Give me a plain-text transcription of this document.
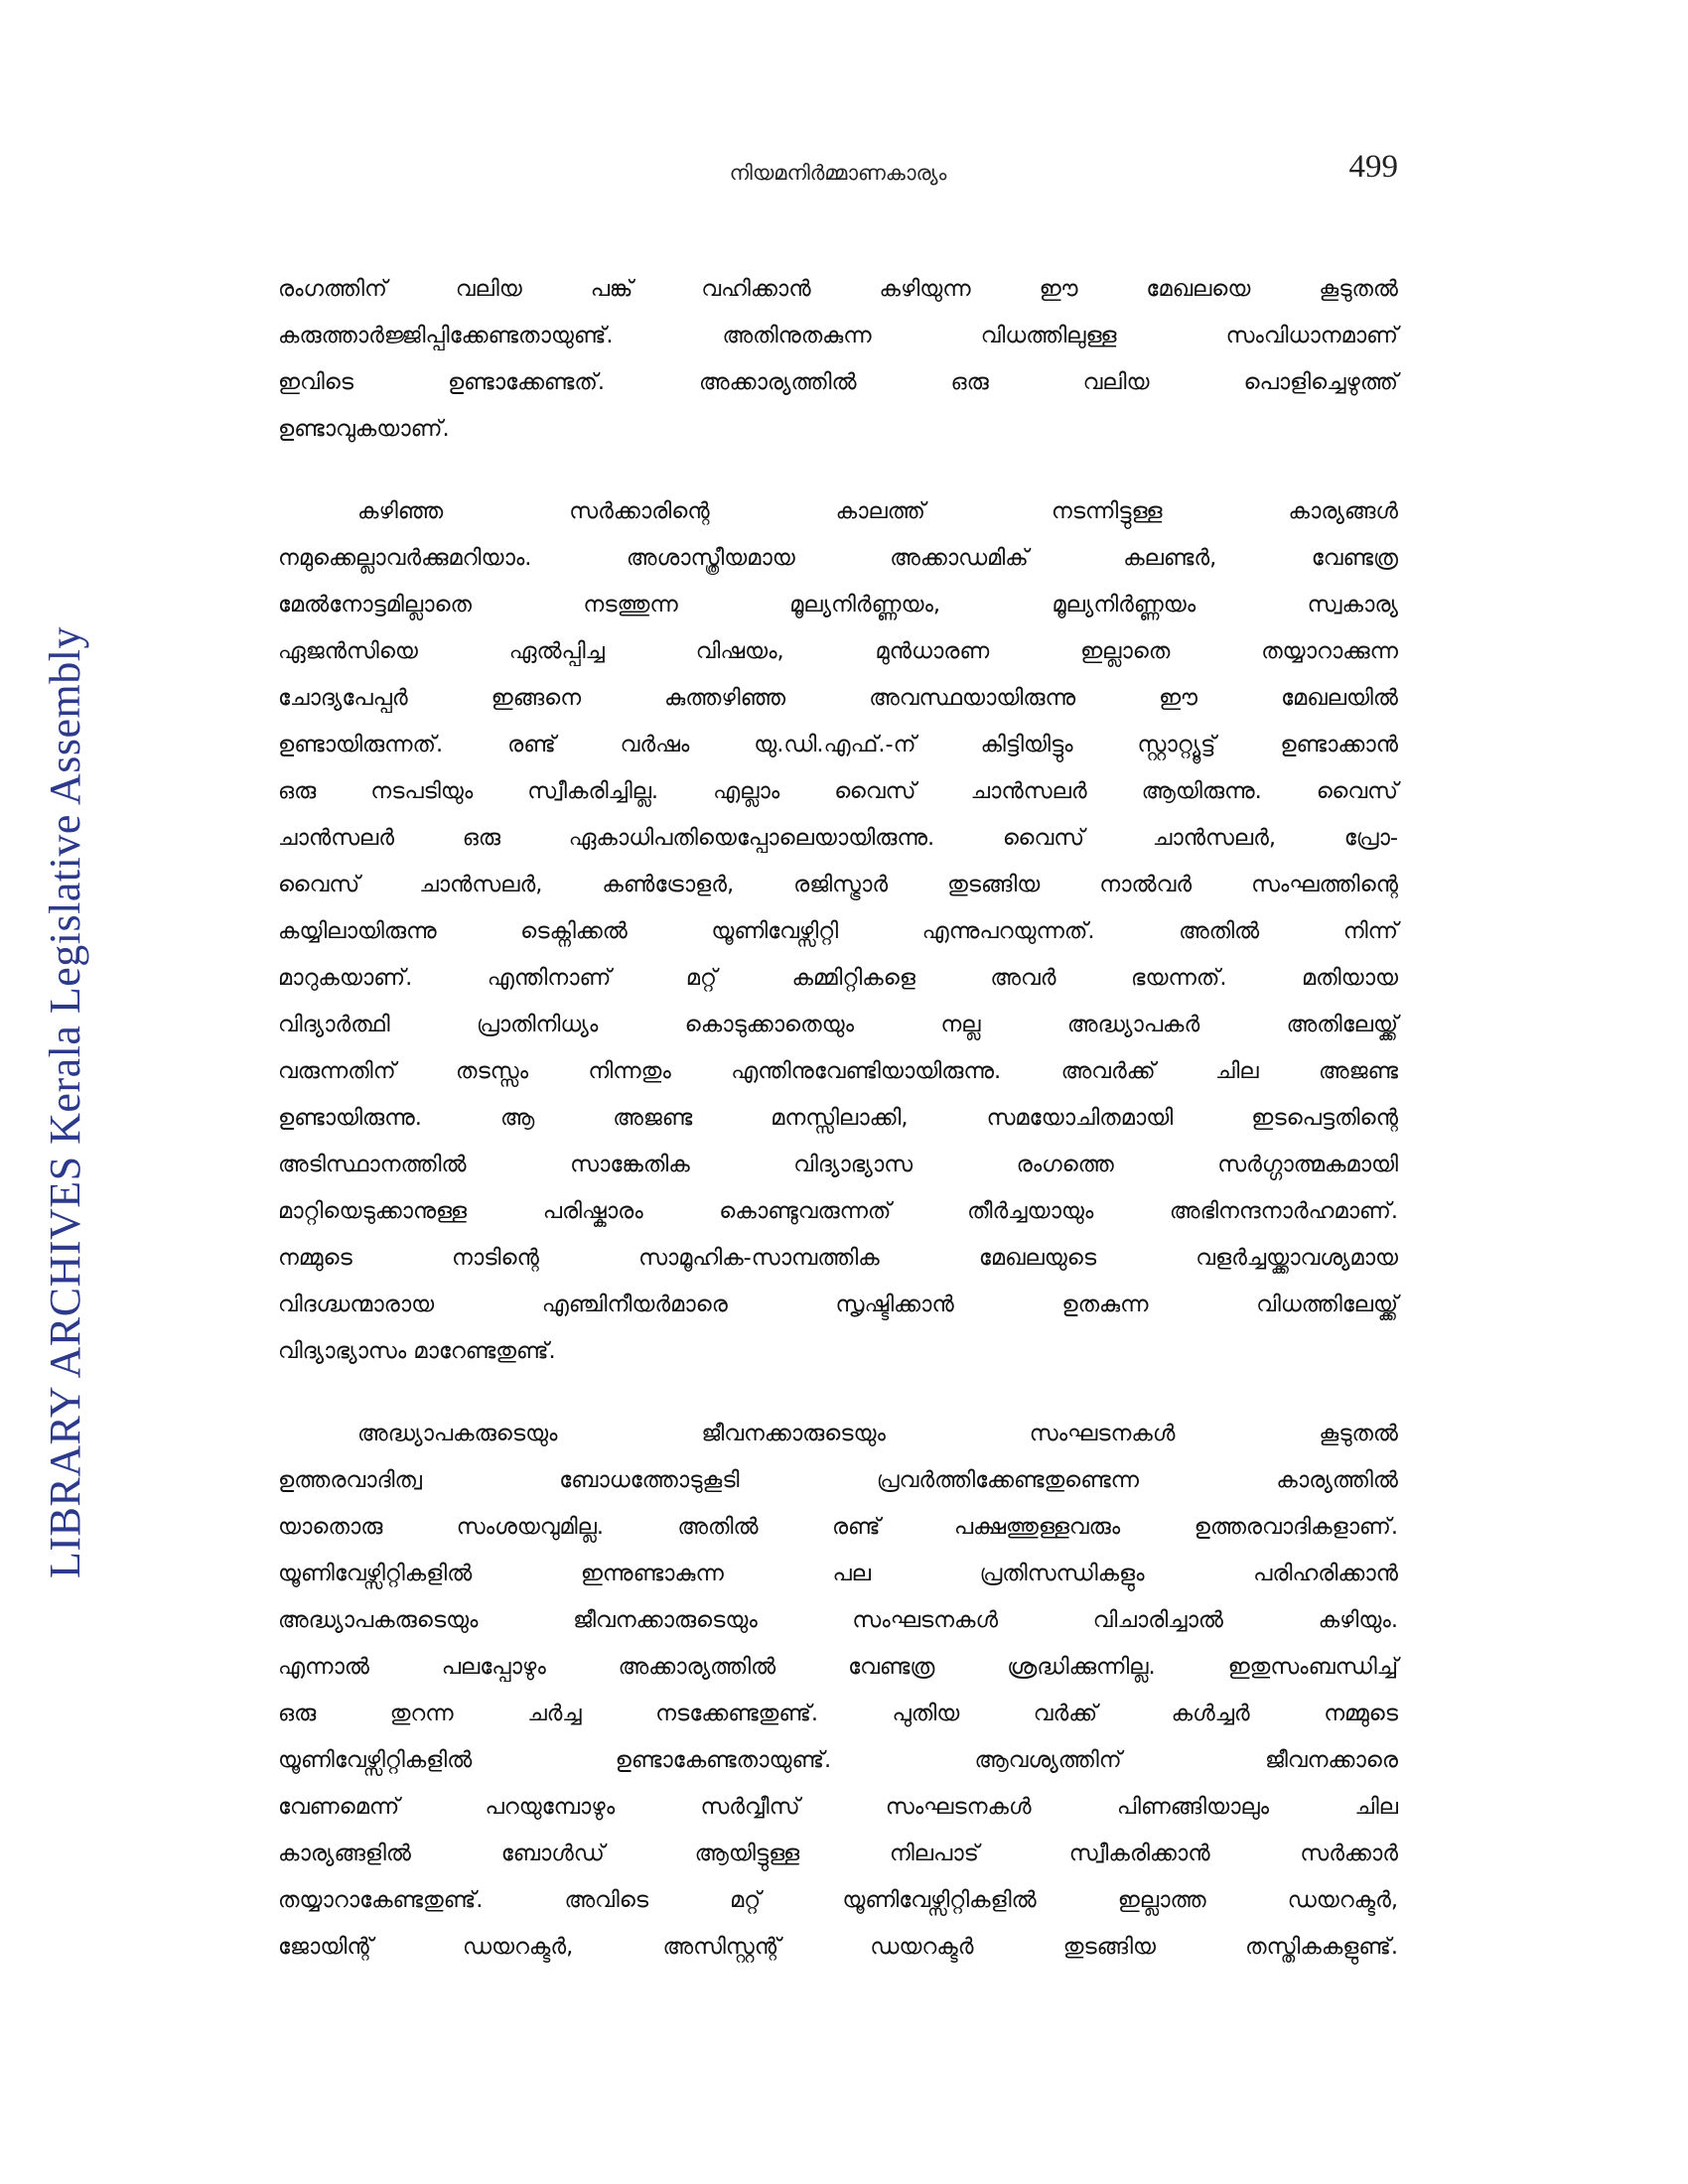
LIBRARY ARCHIVES Kerala Legislative Assembly
നിയമനിർമ്മാണകാര്യം	499
രംഗത്തിന് വലിയ പങ്ക് വഹിക്കാൻ കഴിയുന്ന ഈ മേഖലയെ കൂടുതൽ
കരുത്താർജ്ജിപ്പിക്കേണ്ടതായുണ്ട്. അതിനുതകുന്ന വിധത്തിലുള്ള സംവിധാനമാണ്
ഇവിടെ ഉണ്ടാക്കേണ്ടത്. അക്കാര്യത്തിൽ ഒരു വലിയ പൊളിച്ചെഴുത്ത്
ഉണ്ടാവുകയാണ്.
കഴിഞ്ഞ സർക്കാരിന്റെ കാലത്ത് നടന്നിട്ടുള്ള കാര്യങ്ങൾ
നമുക്കെല്ലാവർക്കുമറിയാം. അശാസ്ത്രീയമായ അക്കാഡമിക് കലണ്ടർ, വേണ്ടത്ര
മേൽനോട്ടമില്ലാതെ നടത്തുന്ന മൂല്യനിർണ്ണയം, മൂല്യനിർണ്ണയം സ്വകാര്യ
ഏജൻസിയെ ഏൽപ്പിച്ച വിഷയം, മുൻധാരണ ഇല്ലാതെ തയ്യാറാക്കുന്ന
ചോദ്യപേപ്പർ ഇങ്ങനെ കുത്തഴിഞ്ഞ അവസ്ഥയായിരുന്നു ഈ മേഖലയിൽ
ഉണ്ടായിരുന്നത്. രണ്ട് വർഷം യു.ഡി.എഫ്.-ന് കിട്ടിയിട്ടും സ്റ്റാറ്റ്യൂട്ട് ഉണ്ടാക്കാൻ
ഒരു നടപടിയും സ്വീകരിച്ചില്ല. എല്ലാം വൈസ് ചാൻസലർ ആയിരുന്നു. വൈസ്
ചാൻസലർ ഒരു ഏകാധിപതിയെപ്പോലെയായിരുന്നു. വൈസ് ചാൻസലർ, പ്രോ-
വൈസ് ചാൻസലർ, കൺട്രോളർ, രജിസ്ട്രാർ തുടങ്ങിയ നാൽവർ സംഘത്തിന്റെ
കയ്യിലായിരുന്നു ടെക്നിക്കൽ യൂണിവേഴ്സിറ്റി എന്നുപറയുന്നത്. അതിൽ നിന്ന്
മാറുകയാണ്. എന്തിനാണ് മറ്റ് കമ്മിറ്റികളെ അവർ ഭയന്നത്. മതിയായ
വിദ്യാർത്ഥി പ്രാതിനിധ്യം കൊടുക്കാതെയും നല്ല അദ്ധ്യാപകർ അതിലേയ്ക്ക്
വരുന്നതിന് തടസ്സം നിന്നതും എന്തിനുവേണ്ടിയായിരുന്നു. അവർക്ക് ചില അജണ്ട
ഉണ്ടായിരുന്നു. ആ അജണ്ട മനസ്സിലാക്കി, സമയോചിതമായി ഇടപെട്ടതിന്റെ
അടിസ്ഥാനത്തിൽ സാങ്കേതിക വിദ്യാഭ്യാസ രംഗത്തെ സർഗ്ഗാത്മകമായി
മാറ്റിയെടുക്കാനുള്ള പരിഷ്കാരം കൊണ്ടുവരുന്നത് തീർച്ചയായും അഭിനന്ദനാർഹമാണ്.
നമ്മുടെ നാടിന്റെ സാമൂഹിക-സാമ്പത്തിക മേഖലയുടെ വളർച്ചയ്ക്കാവശ്യമായ
വിദഗ്ദ്ധന്മാരായ എഞ്ചിനീയർമാരെ സൃഷ്ടിക്കാൻ ഉതകുന്ന വിധത്തിലേയ്ക്ക്
വിദ്യാഭ്യാസം മാറേണ്ടതുണ്ട്.
അദ്ധ്യാപകരുടെയും ജീവനക്കാരുടെയും സംഘടനകൾ കൂടുതൽ
ഉത്തരവാദിത്വ ബോധത്തോടുകൂടി പ്രവർത്തിക്കേണ്ടതുണ്ടെന്ന കാര്യത്തിൽ
യാതൊരു സംശയവുമില്ല. അതിൽ രണ്ട് പക്ഷത്തുള്ളവരും ഉത്തരവാദികളാണ്.
യൂണിവേഴ്സിറ്റികളിൽ ഇന്നുണ്ടാകുന്ന പല പ്രതിസന്ധികളും പരിഹരിക്കാൻ
അദ്ധ്യാപകരുടെയും ജീവനക്കാരുടെയും സംഘടനകൾ വിചാരിച്ചാൽ കഴിയും.
എന്നാൽ പലപ്പോഴും അക്കാര്യത്തിൽ വേണ്ടത്ര ശ്രദ്ധിക്കുന്നില്ല. ഇതുസംബന്ധിച്ച്
ഒരു തുറന്ന ചർച്ച നടക്കേണ്ടതുണ്ട്. പുതിയ വർക്ക് കൾച്ചർ നമ്മുടെ
യൂണിവേഴ്സിറ്റികളിൽ ഉണ്ടാകേണ്ടതായുണ്ട്. ആവശ്യത്തിന് ജീവനക്കാരെ
വേണമെന്ന് പറയുമ്പോഴും സർവ്വീസ് സംഘടനകൾ പിണങ്ങിയാലും ചില
കാര്യങ്ങളിൽ ബോൾഡ് ആയിട്ടുള്ള നിലപാട് സ്വീകരിക്കാൻ സർക്കാർ
തയ്യാറാകേണ്ടതുണ്ട്. അവിടെ മറ്റ് യൂണിവേഴ്സിറ്റികളിൽ ഇല്ലാത്ത ഡയറക്ടർ,
ജോയിന്റ് ഡയറക്ടർ, അസിസ്റ്റന്റ് ഡയറക്ടർ തുടങ്ങിയ തസ്തികകളുണ്ട്.
